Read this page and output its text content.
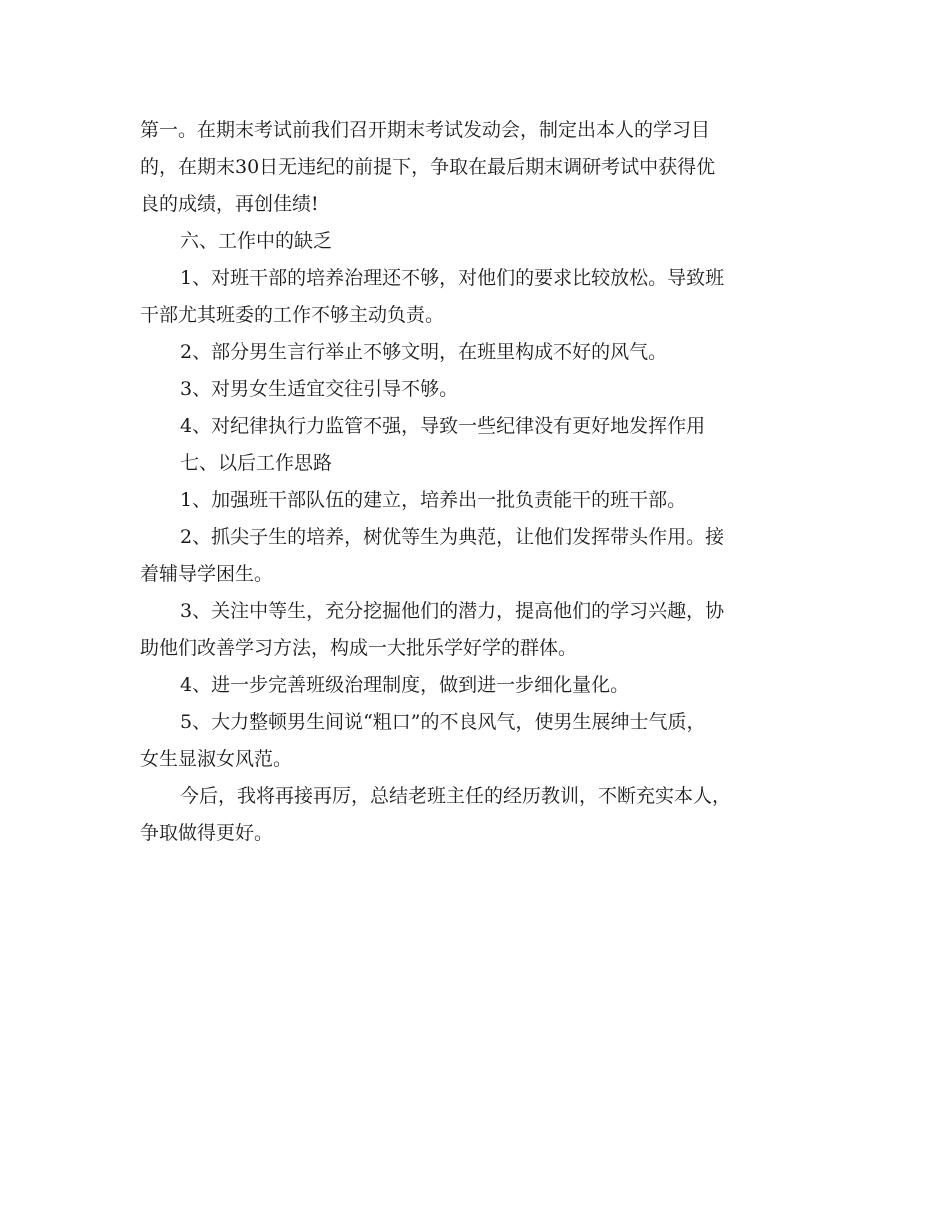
第一。在期末考试前我们召开期末考试发动会，制定出本人的学习目
的，在期末30日无违纪的前提下，争取在最后期末调研考试中获得优
良的成绩，再创佳绩!

六、工作中的缺乏

1、对班干部的培养治理还不够，对他们的要求比较放松。导致班
干部尤其班委的工作不够主动负责。

2、部分男生言行举止不够文明，在班里构成不好的风气。

3、对男女生适宜交往引导不够。

4、对纪律执行力监管不强，导致一些纪律没有更好地发挥作用

七、以后工作思路

1、加强班干部队伍的建立，培养出一批负责能干的班干部。

2、抓尖子生的培养，树优等生为典范，让他们发挥带头作用。接
着辅导学困生。

3、关注中等生，充分挖掘他们的潜力，提高他们的学习兴趣，协
助他们改善学习方法，构成一大批乐学好学的群体。

4、进一步完善班级治理制度，做到进一步细化量化。

5、大力整顿男生间说“粗口”的不良风气，使男生展绅士气质，
女生显淑女风范。

今后，我将再接再厉，总结老班主任的经历教训，不断充实本人，
争取做得更好。
